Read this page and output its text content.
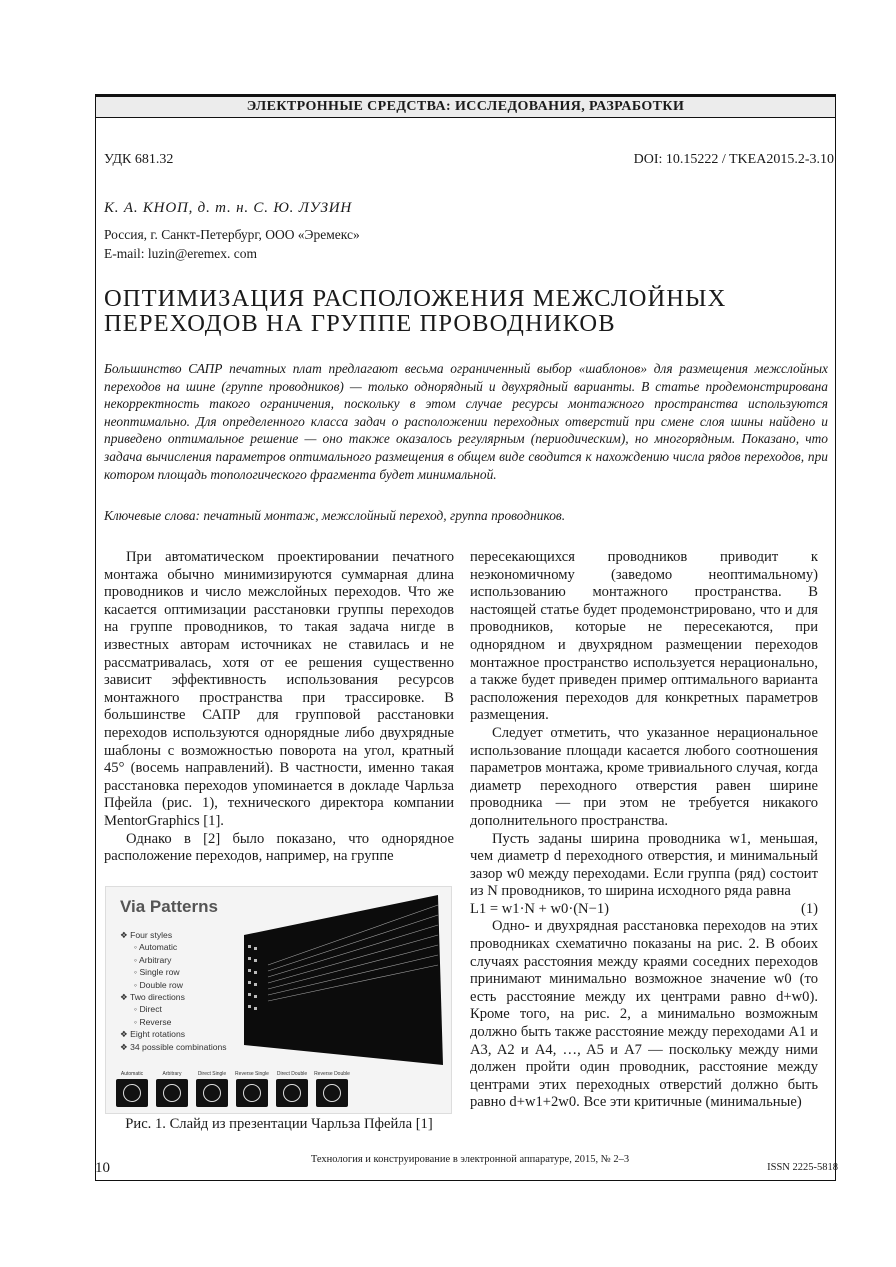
ЭЛЕКТРОННЫЕ СРЕДСТВА: ИССЛЕДОВАНИЯ, РАЗРАБОТКИ
УДК 681.32	DOI: 10.15222 / TKEA2015.2-3.10
К. А. КНОП, д. т. н. С. Ю. ЛУЗИН
Россия, г. Санкт-Петербург, ООО «Эремекс»
E-mail: luzin@eremex. com
ОПТИМИЗАЦИЯ РАСПОЛОЖЕНИЯ МЕЖСЛОЙНЫХ
ПЕРЕХОДОВ НА ГРУППЕ ПРОВОДНИКОВ
Большинство САПР печатных плат предлагают весьма ограниченный выбор «шаблонов» для размещения межслойных переходов на шине (группе проводников) — только однорядный и двухрядный варианты. В статье продемонстрирована некорректность такого ограничения, поскольку в этом случае ресурсы монтажного пространства используются неоптимально. Для определенного класса задач о расположении переходных отверстий при смене слоя шины найдено и приведено оптимальное решение — оно также оказалось регулярным (периодическим), но многорядным. Показано, что задача вычисления параметров оптимального размещения в общем виде сводится к нахождению числа рядов переходов, при котором площадь топологического фрагмента будет минимальной.
Ключевые слова: печатный монтаж, межслойный переход, группа проводников.

При автоматическом проектировании печатного монтажа обычно минимизируются суммарная длина проводников и число межслойных переходов. Что же касается оптимизации расстановки группы переходов на группе проводников, то такая задача нигде в известных авторам источниках не ставилась и не рассматривалась, хотя от ее решения существенно зависит эффективность использования ресурсов монтажного пространства при трассировке. В большинстве САПР для групповой расстановки переходов используются однорядные либо двухрядные шаблоны с возможностью поворота на угол, кратный 45° (восемь направлений). В частности, именно такая расстановка переходов упоминается в докладе Чарльза Пфейла (рис. 1), технического директора компании MentorGraphics [1].

Однако в [2] было показано, что однорядное расположение переходов, например, на группе

Via Patterns
❖ Four styles
◦ Automatic
◦ Arbitrary
◦ Single row
◦ Double row
❖ Two directions
◦ Direct
◦ Reverse
❖ Eight rotations
❖ 34 possible combinations
Automatic	Arbitrary	Direct Single	Reverse Single	Direct Double	Reverse Double
Рис. 1. Слайд из презентации Чарльза Пфейла [1]

пересекающихся проводников приводит к неэкономичному (заведомо неоптимальному) использованию монтажного пространства. В настоящей статье будет продемонстрировано, что и для проводников, которые не пересекаются, при однорядном и двухрядном размещении переходов монтажное пространство используется нерационально, а также будет приведен пример оптимального варианта расположения переходов для конкретных параметров размещения.

Следует отметить, что указанное нерациональное использование площади касается любого соотношения параметров монтажа, кроме тривиального случая, когда диаметр переходного отверстия равен ширине проводника — при этом не требуется никакого дополнительного пространства.

Пусть заданы ширина проводника w1, меньшая, чем диаметр d переходного отверстия, и минимальный зазор w0 между переходами. Если группа (ряд) состоит из N проводников, то ширина исходного ряда равна

L1 = w1·N + w0·(N−1)	(1)

Одно- и двухрядная расстановка переходов на этих проводниках схематично показаны на рис. 2. В обоих случаях расстояния между краями соседних переходов принимают минимально возможное значение w0 (то есть расстояние между их центрами равно d+w0). Кроме того, на рис. 2, а минимально возможным должно быть также расстояние между переходами A1 и A3, A2 и A4, …, A5 и A7 — поскольку между ними должен пройти один проводник, расстояние между центрами этих переходных отверстий должно быть равно d+w1+2w0. Все эти критичные (минимальные)

10
Технология и конструирование в электронной аппаратуре, 2015, № 2–3
ISSN 2225-5818
